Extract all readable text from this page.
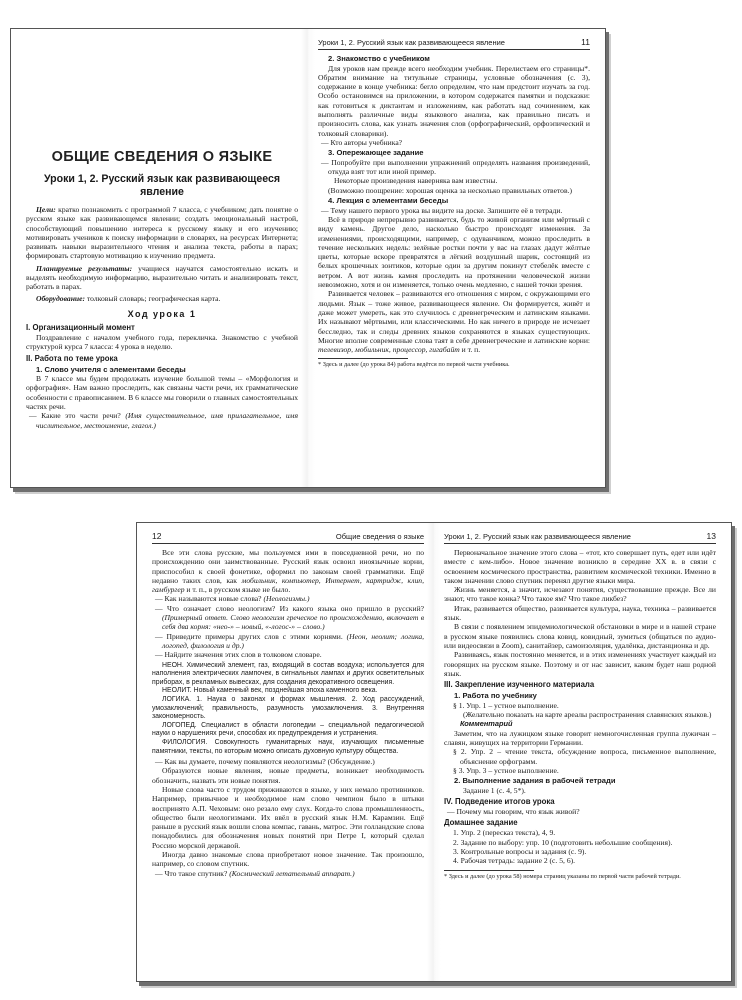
ОБЩИЕ СВЕДЕНИЯ О ЯЗЫКЕ
Уроки 1, 2. Русский язык как развивающееся явление

Цели: кратко познакомить с программой 7 класса, с учебником; дать понятие о русском языке как развивающемся явлении; создать эмоциональный настрой, способствующий повышению интереса к русскому языку и его изучению; мотивировать учеников к поиску информации в словарях, на ресурсах Интернета; развивать навыки выразительного чтения и анализа текста, работы в парах; формировать стартовую мотивацию к изучению предмета.

Планируемые результаты: учащиеся научатся самостоятельно искать и выделять необходимую информацию, выразительно читать и анализировать текст, работать в парах.

Оборудование: толковый словарь; географическая карта.

Ход урока 1
I. Организационный момент

Поздравление с началом учебного года, перекличка. Знакомство с учебной структурой курса 7 класса: 4 урока в неделю.

II. Работа по теме урока
1. Слово учителя с элементами беседы

В 7 классе мы будем продолжать изучение большой темы – «Морфология и орфография». Нам важно проследить, как связаны части речи, их грамматические особенности с правописанием. В 6 классе мы говорили о главных самостоятельных частях речи.

— Какие это части речи? (Имя существительное, имя прилагательное, имя числительное, местоимение, глагол.)

Уроки 1, 2. Русский язык как развивающееся явление	11
2. Знакомство с учебником

Для уроков нам прежде всего необходим учебник. Перелистаем его страницы*. Обратим внимание на титульные страницы, условные обозначения (с. 3), содержание в конце учебника: бегло определим, что нам предстоит изучать за год. Особо остановимся на приложении, в котором содержатся памятки и подсказки: как готовиться к диктантам и изложениям, как работать над сочинением, как выполнять различные виды языкового анализа, как правильно писать и произносить слова, как узнать значения слов (орфографический, орфоэпический и толковый словарики).

— Кто авторы учебника?

3. Опережающее задание

— Попробуйте при выполнении упражнений определять названия произведений, откуда взят тот или иной пример.

Некоторые произведения наверняка вам известны.

(Возможно поощрение: хорошая оценка за несколько правильных ответов.)

4. Лекция с элементами беседы

— Тему нашего первого урока вы видите на доске. Запишите её в тетради.

Всё в природе непрерывно развивается, будь то живой организм или мёртвый с виду камень. Другое дело, насколько быстро происходят изменения. За изменениями, происходящими, например, с одуванчиком, можно проследить в течение нескольких недель: зелёные ростки почти у вас на глазах дадут жёлтые цветы, которые вскоре превратятся в лёгкий воздушный шарик, состоящий из белых крошечных зонтиков, которые один за другим покинут стебелёк вместе с ветром. А вот жизнь камня проследить на протяжении человеческой жизни невозможно, хотя и он изменяется, только очень медленно, с нашей точки зрения.

Развивается человек – развиваются его отношения с миром, с окружающими его людьми. Язык – тоже живое, развивающееся явление. Он формируется, живёт и даже может умереть, как это случилось с древнегреческим и латинским языками. Их называют мёртвыми, или классическими. Но как ничего в природе не исчезает бесследно, так и следы древних языков сохраняются в языках существующих. Многие вполне современные слова таят в себе древнегреческие и латинские корни: телевизор, мобильник, процессор, гигабайт и т. п.

* Здесь и далее (до урока 84) работа ведётся по первой части учебника.

12	Общие сведения о языке

Все эти слова русские, мы пользуемся ими в повседневной речи, но по происхождению они заимствованные. Русский язык освоил иноязычные корни, приспособил к своей фонетике, оформил по законам своей грамматики. Ещё недавно таких слов, как мобильник, компьютер, Интернет, картридж, клип, гамбургер и т. п., в русском языке не было.

— Как называются новые слова? (Неологизмы.)

— Что означает слово неологизм? Из какого языка оно пришло в русский? (Примерный ответ. Слово неологизм греческое по происхождению, включает в себя два корня: «нео-» – новый, «-логос-» – слово.)

— Приведите примеры других слов с этими корнями. (Неон, неолит; логика, логопед, филология и др.)

— Найдите значения этих слов в толковом словаре.

НЕОН. Химический элемент, газ, входящий в состав воздуха; используется для наполнения электрических лампочек, в сигнальных лампах и других осветительных приборах, в рекламных вывесках, для создания декоративного освещения.

НЕОЛИТ. Новый каменный век, позднейшая эпоха каменного века.

ЛОГИКА. 1. Наука о законах и формах мышления. 2. Ход рассуждений, умозаключений; правильность, разумность умозаключения. 3. Внутренняя закономерность.

ЛОГОПЕД. Специалист в области логопедии – специальной педагогической науки о нарушениях речи, способах их предупреждения и устранения.

ФИЛОЛОГИЯ. Совокупность гуманитарных наук, изучающих письменные памятники, тексты, по которым можно описать духовную культуру общества.

— Как вы думаете, почему появляются неологизмы? (Обсуждение.)

Образуются новые явления, новые предметы, возникает необходимость обозначить, назвать эти новые понятия.

Новые слова часто с трудом приживаются в языке, у них немало противников. Например, привычное и необходимое нам слово чемпион было в штыки воспринято А.П. Чеховым: оно резало ему слух. Когда-то слова промышленность, общество были неологизмами. Их ввёл в русский язык Н.М. Карамзин. Ещё раньше в русский язык вошли слова компас, гавань, матрос. Эти голландские слова понадобились для обозначения новых понятий при Петре I, который сделал Россию морской державой.

Иногда давно знакомые слова приобретают новое значение. Так произошло, например, со словом спутник.

— Что такое спутник? (Космический летательный аппарат.)

Уроки 1, 2. Русский язык как развивающееся явление	13

Первоначальное значение этого слова – «тот, кто совершает путь, едет или идёт вместе с кем-либо». Новое значение возникло в середине XX в. в связи с освоением космического пространства, развитием космической техники. Именно в таком значении слово спутник перенял другие языки мира.

Жизнь меняется, а значит, исчезают понятия, существовавшие прежде. Все ли знают, что такое конка? Что такое ям? Что такое ликбез?

Итак, развивается общество, развивается культура, наука, техника – развивается язык.

В связи с появлением эпидемиологической обстановки в мире и в нашей стране в русском языке появились слова ковид, ковидный, зумиться (общаться по аудио- или видеосвязи в Zoom), санитайзер, самоизоляция, удалёнка, дистанционка и др.

Развиваясь, язык постоянно меняется, и в этих изменениях участвует каждый из говорящих на русском языке. Поэтому и от нас зависит, каким будет наш родной язык.

III. Закрепление изученного материала
1. Работа по учебнику

§ 1. Упр. 1 – устное выполнение.

(Желательно показать на карте ареалы распространения славянских языков.)

Комментарий

Заметим, что на лужицком языке говорит немногочисленная группа лужичан – славян, живущих на территории Германии.

§ 2. Упр. 2 – чтение текста, обсуждение вопроса, письменное выполнение, объяснение орфограмм.

§ 3. Упр. 3 – устное выполнение.

2. Выполнение задания в рабочей тетради

Задание 1 (с. 4, 5*).

IV. Подведение итогов урока

— Почему мы говорим, что язык живой?

Домашнее задание

1. Упр. 2 (пересказ текста), 4, 9.

2. Задание по выбору: упр. 10 (подготовить небольшие сообщения).

3. Контрольные вопросы и задания (с. 9).

4. Рабочая тетрадь: задание 2 (с. 5, 6).

* Здесь и далее (до урока 58) номера страниц указаны по первой части рабочей тетради.
